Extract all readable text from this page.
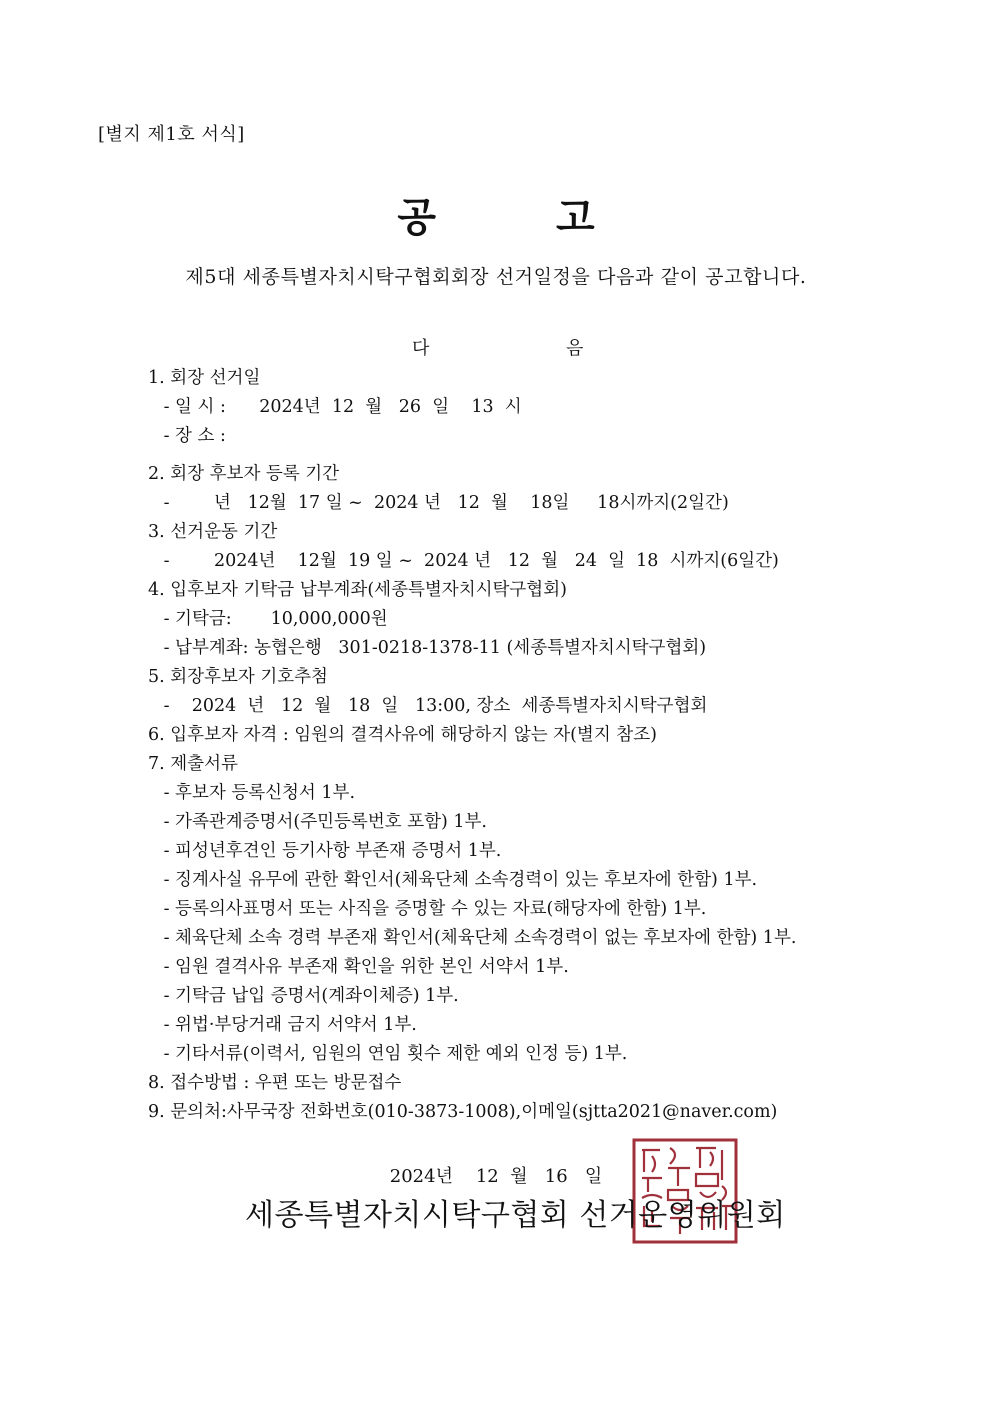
[별지 제1호 서식]
공	고
제5대 세종특별자치시탁구협회회장 선거일정을 다음과 같이 공고합니다.
다	음
1. 회장 선거일
- 일 시 :      2024년  12  월   26  일    13  시
- 장 소 :
2. 회장 후보자 등록 기간
-        년   12월  17 일 ~  2024 년   12  월    18일     18시까지(2일간)
3. 선거운동 기간
-        2024년    12월  19 일 ~  2024 년   12  월   24  일  18  시까지(6일간)
4. 입후보자 기탁금 납부계좌(세종특별자치시탁구협회)
- 기탁금:       10,000,000원
- 납부계좌: 농협은행   301-0218-1378-11 (세종특별자치시탁구협회)
5. 회장후보자 기호추첨
-    2024  년   12  월   18  일   13:00, 장소  세종특별자치시탁구협회
6. 입후보자 자격 : 임원의 결격사유에 해당하지 않는 자(별지 참조)
7. 제출서류
- 후보자 등록신청서 1부.
- 가족관계증명서(주민등록번호 포함) 1부.
- 피성년후견인 등기사항 부존재 증명서 1부.
- 징계사실 유무에 관한 확인서(체육단체 소속경력이 있는 후보자에 한함) 1부.
- 등록의사표명서 또는 사직을 증명할 수 있는 자료(해당자에 한함) 1부.
- 체육단체 소속 경력 부존재 확인서(체육단체 소속경력이 없는 후보자에 한함) 1부.
- 임원 결격사유 부존재 확인을 위한 본인 서약서 1부.
- 기탁금 납입 증명서(계좌이체증) 1부.
- 위법·부당거래 금지 서약서 1부.
- 기타서류(이력서, 임원의 연임 횟수 제한 예외 인정 등) 1부.
8. 접수방법 : 우편 또는 방문접수
9. 문의처:사무국장 전화번호(010-3873-1008),이메일(sjtta2021@naver.com)
2024년    12  월   16   일
세종특별자치시탁구협회 선거운영위원회
